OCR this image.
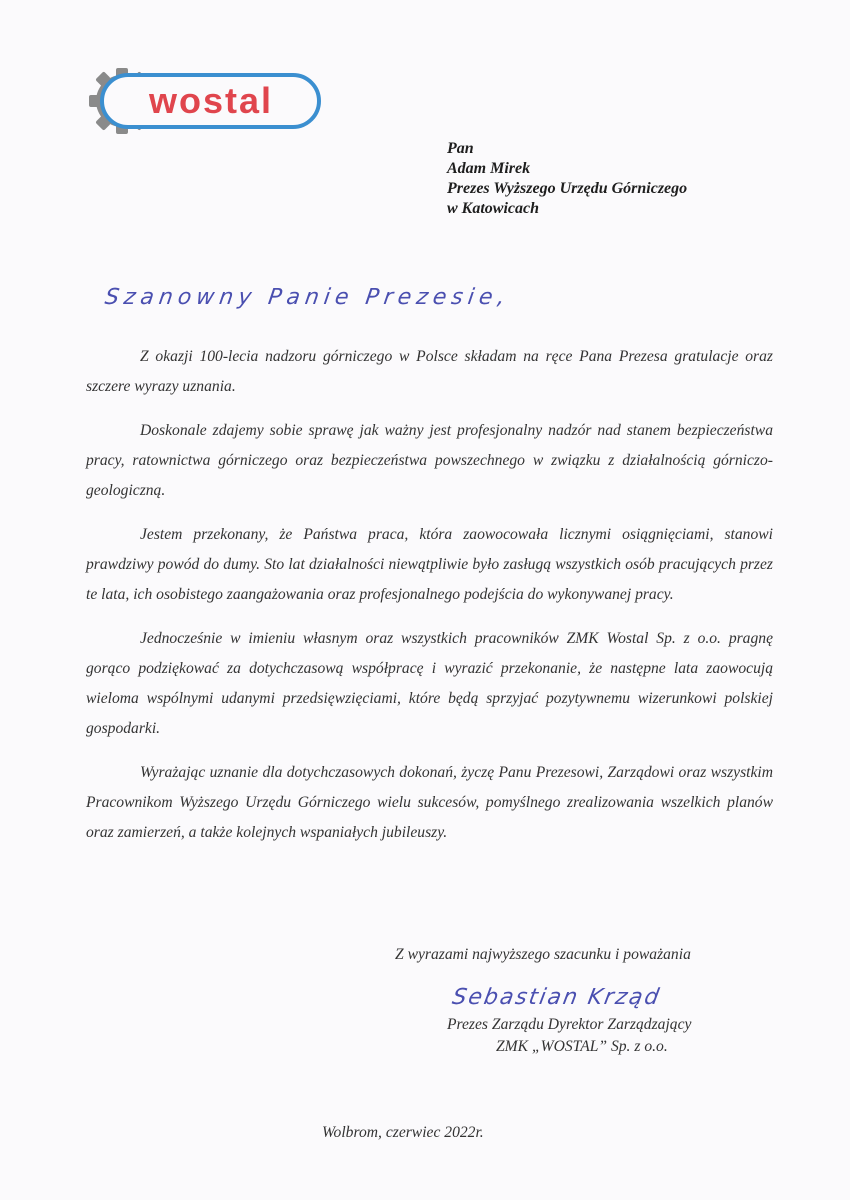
wostal
Pan
Adam Mirek
Prezes Wyższego Urzędu Górniczego
w Katowicach
Szanowny Panie Prezesie,

Z okazji 100-lecia nadzoru górniczego w Polsce składam na ręce Pana Prezesa gratulacje oraz szczere wyrazy uznania.

Doskonale zdajemy sobie sprawę jak ważny jest profesjonalny nadzór nad stanem bezpieczeństwa pracy, ratownictwa górniczego oraz bezpieczeństwa powszechnego w związku z działalnością górniczo-geologiczną.

Jestem przekonany, że Państwa praca, która zaowocowała licznymi osiągnięciami, stanowi prawdziwy powód do dumy. Sto lat działalności niewątpliwie było zasługą wszystkich osób pracujących przez te lata, ich osobistego zaangażowania oraz profesjonalnego podejścia do wykonywanej pracy.

Jednocześnie w imieniu własnym oraz wszystkich pracowników ZMK Wostal Sp. z o.o. pragnę gorąco podziękować za dotychczasową współpracę i wyrazić przekonanie, że następne lata zaowocują wieloma wspólnymi udanymi przedsięwzięciami, które będą sprzyjać pozytywnemu wizerunkowi polskiej gospodarki.

Wyrażając uznanie dla dotychczasowych dokonań, życzę Panu Prezesowi, Zarządowi oraz wszystkim Pracownikom Wyższego Urzędu Górniczego wielu sukcesów, pomyślnego zrealizowania wszelkich planów oraz zamierzeń, a także kolejnych wspaniałych jubileuszy.

Z wyrazami najwyższego szacunku i poważania
Sebastian Krząd
Prezes Zarządu Dyrektor Zarządzający
ZMK „WOSTAL” Sp. z o.o.
Wolbrom, czerwiec 2022r.
